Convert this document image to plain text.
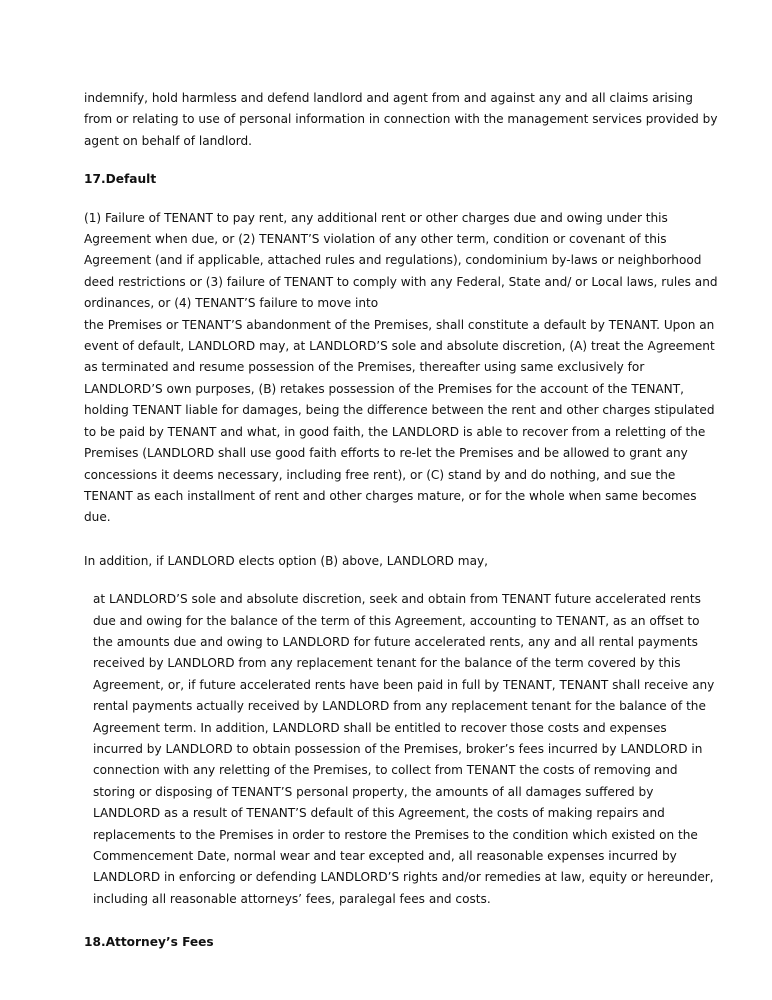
indemnify, hold harmless and defend landlord and agent from and against any and all claims arising from or relating to use of personal information in connection with the management services provided by agent on behalf of landlord.

17.Default

(1) Failure of TENANT to pay rent, any additional rent or other charges due and owing under this Agreement when due, or (2) TENANT’S violation of any other term, condition or covenant of this Agreement (and if applicable, attached rules and regulations), condominium by-laws or neighborhood deed restrictions or (3) failure of TENANT to comply with any Federal, State and/ or Local laws, rules and ordinances, or (4) TENANT’S failure to move into

the Premises or TENANT’S abandonment of the Premises, shall constitute a default by TENANT. Upon an event of default, LANDLORD may, at LANDLORD’S sole and absolute discretion, (A) treat the Agreement as terminated and resume possession of the Premises, thereafter using same exclusively for LANDLORD’S own purposes, (B) retakes possession of the Premises for the account of the TENANT, holding TENANT liable for damages, being the difference between the rent and other charges stipulated to be paid by TENANT and what, in good faith, the LANDLORD is able to recover from a reletting of the Premises (LANDLORD shall use good faith efforts to re-let the Premises and be allowed to grant any concessions it deems necessary, including free rent), or (C) stand by and do nothing, and sue the TENANT as each installment of rent and other charges mature, or for the whole when same becomes due.

In addition, if LANDLORD elects option (B) above, LANDLORD may,

at LANDLORD’S sole and absolute discretion, seek and obtain from TENANT future accelerated rents due and owing for the balance of the term of this Agreement, accounting to TENANT, as an offset to the amounts due and owing to LANDLORD for future accelerated rents, any and all rental payments received by LANDLORD from any replacement tenant for the balance of the term covered by this Agreement, or, if future accelerated rents have been paid in full by TENANT, TENANT shall receive any rental payments actually received by LANDLORD from any replacement tenant for the balance of the Agreement term. In addition, LANDLORD shall be entitled to recover those costs and expenses incurred by LANDLORD to obtain possession of the Premises, broker’s fees incurred by LANDLORD in connection with any reletting of the Premises, to collect from TENANT the costs of removing and storing or disposing of TENANT’S personal property, the amounts of all damages suffered by LANDLORD as a result of TENANT’S default of this Agreement, the costs of making repairs and replacements to the Premises in order to restore the Premises to the condition which existed on the Commencement Date, normal wear and tear excepted and, all reasonable expenses incurred by LANDLORD in enforcing or defending LANDLORD’S rights and/or remedies at law, equity or hereunder, including all reasonable attorneys’ fees, paralegal fees and costs.

18.Attorney’s Fees
